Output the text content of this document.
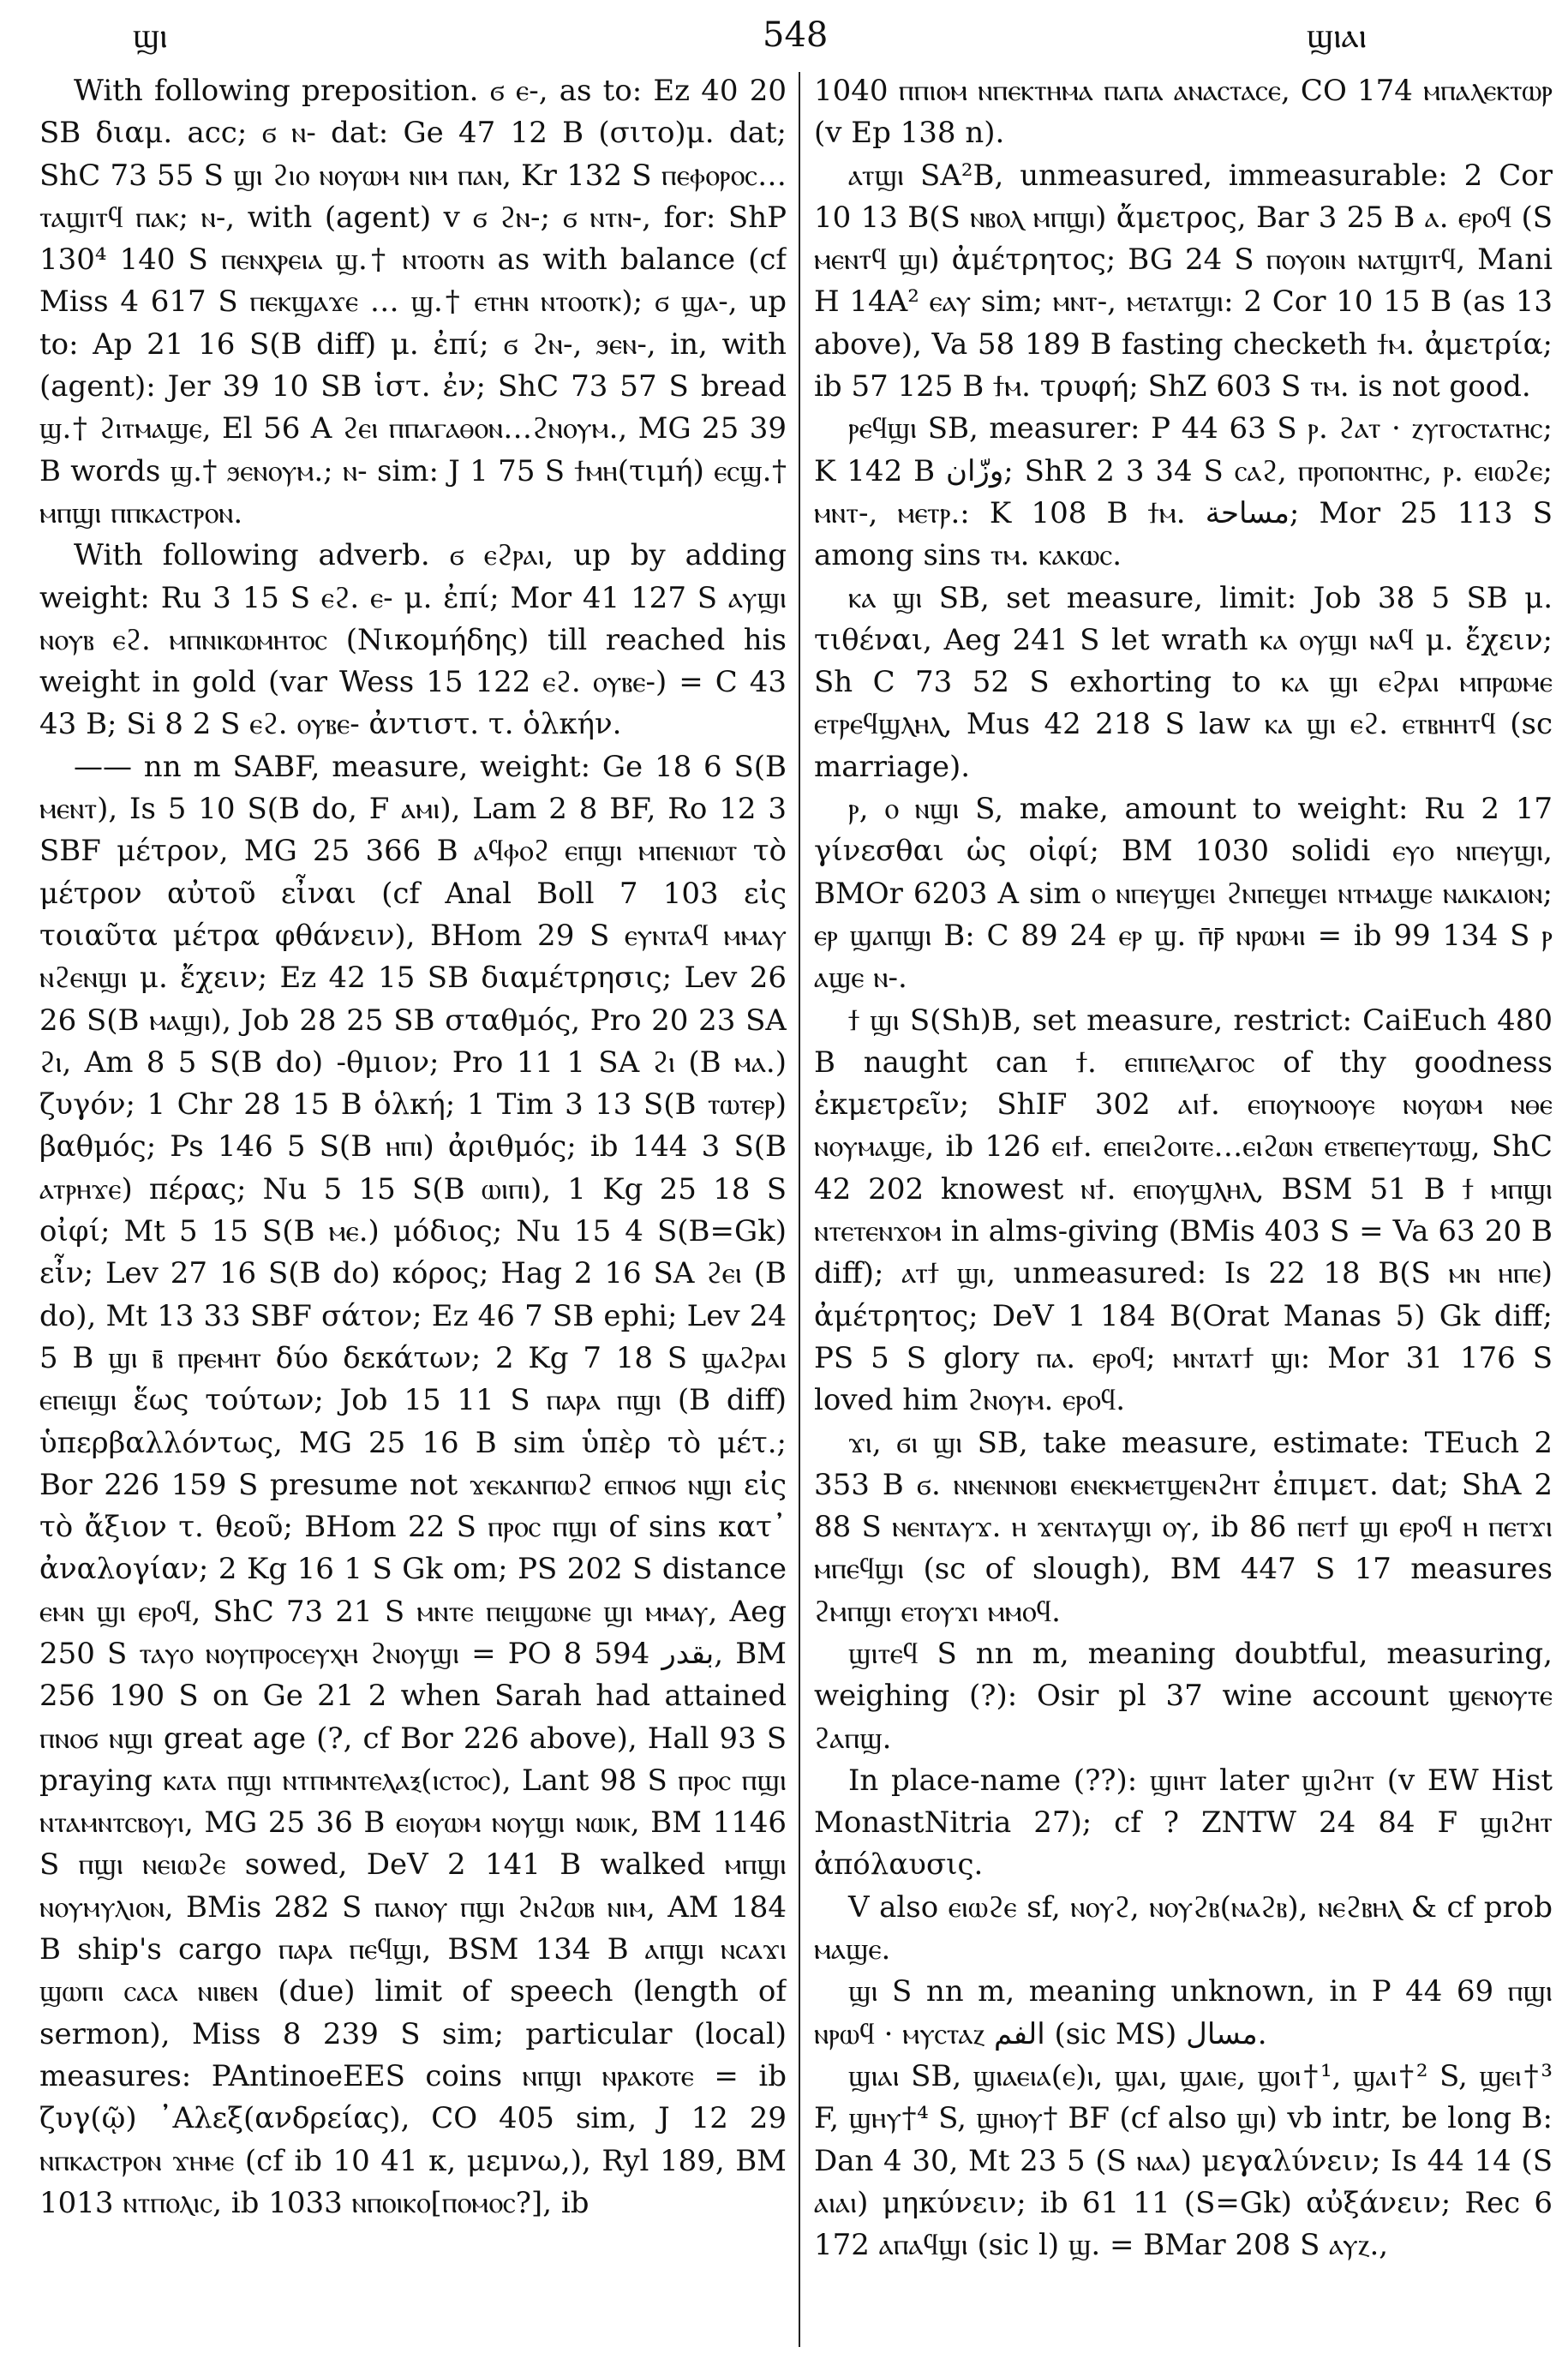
ϣⲓ	548	ϣⲓⲁⲓ

With following preposition. ϭ ⲉ-, as to: Ez 40 20 SB διαμ. acc; ϭ ⲛ- dat: Ge 47 12 B (σιτο)μ. dat; ShC 73 55 S ϣⲓ ϩⲓⲟ ⲛⲟⲩⲱⲙ ⲛⲓⲙ ⲡⲁⲛ, Kr 132 S ⲡⲉⲫⲟⲣⲟⲥ…ⲧⲁϣⲓⲧϥ ⲡⲁⲕ; ⲛ-, with (agent) v ϭ ϩⲛ-; ϭ ⲛⲧⲛ-, for: ShP 130⁴ 140 S ⲡⲉⲛⲭⲣⲉⲓⲁ ϣ.† ⲛⲧⲟⲟⲧⲛ as with balance (cf Miss 4 617 S ⲡⲉⲕϣⲁϫⲉ … ϣ.† ⲉⲧⲏⲛ ⲛⲧⲟⲟⲧⲕ); ϭ ϣⲁ-, up to: Ap 21 16 S(B diff) μ. ἐπί; ϭ ϩⲛ-, ϧⲉⲛ-, in, with (agent): Jer 39 10 SB ἱστ. ἐν; ShC 73 57 S bread ϣ.† ϩⲓⲧⲙⲁϣⲉ, El 56 A ϩⲉⲓ ⲡⲡⲁⲅⲁⲑⲟⲛ…ϩⲛⲟⲩⲙ., MG 25 39 B words ϣ.† ϧⲉⲛⲟⲩⲙ.; ⲛ- sim: J 1 75 S ϯⲙⲏ(τιμή) ⲉⲥϣ.† ⲙⲡϣⲓ ⲡⲡⲕⲁⲥⲧⲣⲟⲛ.

With following adverb. ϭ ⲉϩⲣⲁⲓ, up by adding weight: Ru 3 15 S ⲉϩ. ⲉ- μ. ἐπί; Mor 41 127 S ⲁⲩϣⲓ ⲛⲟⲩⲃ ⲉϩ. ⲙⲡⲛⲓⲕⲱⲙⲏⲧⲟⲥ (Νικομήδης) till reached his weight in gold (var Wess 15 122 ⲉϩ. ⲟⲩⲃⲉ-) = C 43 43 B; Si 8 2 S ⲉϩ. ⲟⲩⲃⲉ- ἀντιστ. τ. ὁλκήν.

—— nn m SABF, measure, weight: Ge 18 6 S(B ⲙⲉⲛⲧ), Is 5 10 S(B do, F ⲁⲙⲓ), Lam 2 8 BF, Ro 12 3 SBF μέτρον, MG 25 366 B ⲁϥⲫⲟϩ ⲉⲡϣⲓ ⲙⲡⲉⲛⲓⲱⲧ τὸ μέτρον αὐτοῦ εἶναι (cf Anal Boll 7 103 εἰς τοιαῦτα μέτρα φθάνειν), BHom 29 S ⲉⲩⲛⲧⲁϥ ⲙⲙⲁⲩ ⲛϩⲉⲛϣⲓ μ. ἔχειν; Ez 42 15 SB διαμέτρησις; Lev 26 26 S(B ⲙⲁϣⲓ), Job 28 25 SB σταθμός, Pro 20 23 SA ϩⲓ, Am 8 5 S(B do) -θμιον; Pro 11 1 SA ϩⲓ (B ⲙⲁ.) ζυγόν; 1 Chr 28 15 B ὁλκή; 1 Tim 3 13 S(B ⲧⲱⲧⲉⲣ) βαθμός; Ps 146 5 S(B ⲏⲡⲓ) ἀριθμός; ib 144 3 S(B ⲁⲧⲣⲏϫⲉ) πέρας; Nu 5 15 S(B ⲱⲓⲡⲓ), 1 Kg 25 18 S οἰφί; Mt 5 15 S(B ⲙⲉ.) μόδιος; Nu 15 4 S(B=Gk) εἶν; Lev 27 16 S(B do) κόρος; Hag 2 16 SA ϩⲉⲓ (B do), Mt 13 33 SBF σάτον; Ez 46 7 SB ephi; Lev 24 5 B ϣⲓ ⲃ̄ ⲡⲣⲉⲙⲏⲧ δύο δεκάτων; 2 Kg 7 18 S ϣⲁϩⲣⲁⲓ ⲉⲡⲉⲓϣⲓ ἕως τούτων; Job 15 11 S ⲡⲁⲣⲁ ⲡϣⲓ (B diff) ὑπερβαλλόντως, MG 25 16 B sim ὑπὲρ τὸ μέτ.; Bor 226 159 S presume not ϫⲉⲕⲁⲛⲡⲱϩ ⲉⲡⲛⲟϭ ⲛϣⲓ εἰς τὸ ἄξιον τ. θεοῦ; BHom 22 S ⲡⲣⲟⲥ ⲡϣⲓ of sins κατ᾽ ἀναλογίαν; 2 Kg 16 1 S Gk om; PS 202 S distance ⲉⲙⲛ ϣⲓ ⲉⲣⲟϥ, ShC 73 21 S ⲙⲛⲧⲉ ⲡⲉⲓϣⲱⲛⲉ ϣⲓ ⲙⲙⲁⲩ, Aeg 250 S ⲧⲁⲩⲟ ⲛⲟⲩⲡⲣⲟⲥⲉⲩⲭⲏ ϩⲛⲟⲩϣⲓ = PO 8 594 بقدر, BM 256 190 S on Ge 21 2 when Sarah had attained ⲡⲛⲟϭ ⲛϣⲓ great age (?, cf Bor 226 above), Hall 93 S praying ⲕⲁⲧⲁ ⲡϣⲓ ⲛⲧⲡⲙⲛⲧⲉⲗⲁⲝ(ⲓⲥⲧⲟⲥ), Lant 98 S ⲡⲣⲟⲥ ⲡϣⲓ ⲛⲧⲁⲙⲛⲧⲥⲃⲟⲩⲓ, MG 25 36 B ⲉⲓⲟⲩⲱⲙ ⲛⲟⲩϣⲓ ⲛⲱⲓⲕ, BM 1146 S ⲡϣⲓ ⲛⲉⲓⲱϩⲉ sowed, DeV 2 141 B walked ⲙⲡϣⲓ ⲛⲟⲩⲙⲩⲗⲓⲟⲛ, BMis 282 S ⲡⲁⲛⲟⲩ ⲡϣⲓ ϩⲛϩⲱⲃ ⲛⲓⲙ, AM 184 B ship's cargo ⲡⲁⲣⲁ ⲡⲉϥϣⲓ, BSM 134 B ⲁⲡϣⲓ ⲛⲥⲁϫⲓ ϣⲱⲡⲓ ⲥⲁⲥⲁ ⲛⲓⲃⲉⲛ (due) limit of speech (length of sermon), Miss 8 239 S sim; particular (local) measures: PAntinoeEES coins ⲛⲡϣⲓ ⲛⲣⲁⲕⲟⲧⲉ = ib ζυγ(ῷ) ᾿Αλεξ(ανδρείας), CO 405 sim, J 12 29 ⲛⲡⲕⲁⲥⲧⲣⲟⲛ ϫⲏⲙⲉ (cf ib 10 41 κ, μεμνω,), Ryl 189, BM 1013 ⲛⲧⲡⲟⲗⲓⲥ, ib 1033 ⲛⲡⲟⲓⲕⲟ[ⲡⲟⲙⲟⲥ?], ib

1040 ⲡⲡⲓⲟⲙ ⲛⲡⲉⲕⲧⲏⲙⲁ ⲡⲁⲡⲁ ⲁⲛⲁⲥⲧⲁⲥⲉ, CO 174 ⲙⲡⲁⲗⲉⲕⲧⲱⲣ (v Ep 138 n).

ⲁⲧϣⲓ SA²B, unmeasured, immeasurable: 2 Cor 10 13 B(S ⲛⲃⲟⲗ ⲙⲡϣⲓ) ἄμετρος, Bar 3 25 B ⲁ. ⲉⲣⲟϥ (S ⲙⲉⲛⲧϥ ϣⲓ) ἀμέτρητος; BG 24 S ⲡⲟⲩⲟⲓⲛ ⲛⲁⲧϣⲓⲧϥ, Mani H 14A² ⲉⲁⲩ sim; ⲙⲛⲧ-, ⲙⲉⲧⲁⲧϣⲓ: 2 Cor 10 15 B (as 13 above), Va 58 189 B fasting checketh ϯⲙ. ἀμετρία; ib 57 125 B ϯⲙ. τρυφή; ShZ 603 S ⲧⲙ. is not good.

ⲣⲉϥϣⲓ SB, measurer: P 44 63 S ⲣ. ϩⲁⲧ · ⲍⲩⲅⲟⲥⲧⲁⲧⲏⲥ; K 142 B وزّان; ShR 2 3 34 S ⲥⲁϩ, ⲡⲣⲟⲡⲟⲛⲧⲏⲥ, ⲣ. ⲉⲓⲱϩⲉ; ⲙⲛⲧ-, ⲙⲉⲧⲣ.: K 108 B ϯⲙ. مساحة; Mor 25 113 S among sins ⲧⲙ. ⲕⲁⲕⲱⲥ.

ⲕⲁ ϣⲓ SB, set measure, limit: Job 38 5 SB μ. τιθέναι, Aeg 241 S let wrath ⲕⲁ ⲟⲩϣⲓ ⲛⲁϥ μ. ἔχειν; Sh C 73 52 S exhorting to ⲕⲁ ϣⲓ ⲉϩⲣⲁⲓ ⲙⲡⲣⲱⲙⲉ ⲉⲧⲣⲉϥϣⲗⲏⲗ, Mus 42 218 S law ⲕⲁ ϣⲓ ⲉϩ. ⲉⲧⲃⲏⲏⲧϥ (sc marriage).

ⲣ, ⲟ ⲛϣⲓ S, make, amount to weight: Ru 2 17 γίνεσθαι ὡς οἰφί; BM 1030 solidi ⲉⲩⲟ ⲛⲡⲉⲩϣⲓ, BMOr 6203 A sim ⲟ ⲛⲡⲉⲩϣⲉⲓ ϩⲛⲡⲉϣⲉⲓ ⲛⲧⲙⲁϣⲉ ⲛⲁⲓⲕⲁⲓⲟⲛ; ⲉⲣ ϣⲁⲡϣⲓ B: C 89 24 ⲉⲣ ϣ. ⲡ̄ⲣ̄ ⲛⲣⲱⲙⲓ = ib 99 134 S ⲣ ⲁϣⲉ ⲛ-.

ϯ ϣⲓ S(Sh)B, set measure, restrict: CaiEuch 480 B naught can ϯ. ⲉⲡⲓⲡⲉⲗⲁⲅⲟⲥ of thy goodness ἐκμετρεῖν; ShIF 302 ⲁⲓϯ. ⲉⲡⲟⲩⲛⲟⲟⲩⲉ ⲛⲟⲩⲱⲙ ⲛⲑⲉ ⲛⲟⲩⲙⲁϣⲉ, ib 126 ⲉⲓϯ. ⲉⲡⲉⲓϩⲟⲓⲧⲉ…ⲉⲓϩⲱⲛ ⲉⲧⲃⲉⲡⲉⲩⲧⲱϣ, ShC 42 202 knowest ⲛϯ. ⲉⲡⲟⲩϣⲗⲏⲗ, BSM 51 B ϯ ⲙⲡϣⲓ ⲛⲧⲉⲧⲉⲛϫⲟⲙ in alms-giving (BMis 403 S = Va 63 20 B diff); ⲁⲧϯ ϣⲓ, unmeasured: Is 22 18 B(S ⲙⲛ ⲏⲡⲉ) ἀμέτρητος; DeV 1 184 B(Orat Manas 5) Gk diff; PS 5 S glory ⲡⲁ. ⲉⲣⲟϥ; ⲙⲛⲧⲁⲧϯ ϣⲓ: Mor 31 176 S loved him ϩⲛⲟⲩⲙ. ⲉⲣⲟϥ.

ϫⲓ, ϭⲓ ϣⲓ SB, take measure, estimate: TEuch 2 353 B ϭ. ⲛⲛⲉⲛⲛⲟⲃⲓ ⲉⲛⲉⲕⲙⲉⲧϣⲉⲛϩⲏⲧ ἐπιμετ. dat; ShA 2 88 S ⲛⲉⲛⲧⲁⲩϫ. ⲏ ϫⲉⲛⲧⲁⲩϣⲓ ⲟⲩ, ib 86 ⲡⲉⲧϯ ϣⲓ ⲉⲣⲟϥ ⲏ ⲡⲉⲧϫⲓ ⲙⲡⲉϥϣⲓ (sc of slough), BM 447 S 17 measures ϩⲙⲡϣⲓ ⲉⲧⲟⲩϫⲓ ⲙⲙⲟϥ.

ϣⲓⲧⲉϥ S nn m, meaning doubtful, measuring, weighing (?): Osir pl 37 wine account ϣⲉⲛⲟⲩⲧⲉ ϩⲁⲡϣ.

In place-name (??): ϣⲓⲏⲧ later ϣⲓϩⲏⲧ (v EW Hist MonastNitria 27); cf ? ZNTW 24 84 F ϣⲓϩⲏⲧ ἀπόλαυσις.

V also ⲉⲓⲱϩⲉ sf, ⲛⲟⲩϩ, ⲛⲟⲩϩⲃ(ⲛⲁϩⲃ), ⲛⲉϩⲃⲏⲗ & cf prob ⲙⲁϣⲉ.

ϣⲓ S nn m, meaning unknown, in P 44 69 ⲡϣⲓ ⲛⲣⲱϥ · ⲙⲩⲥⲧⲁⲍ الفم (sic MS) مسال.

ϣⲓⲁⲓ SB, ϣⲓⲁⲉⲓⲁ(ⲉ)ⲓ, ϣⲁⲓ, ϣⲁⲓⲉ, ϣⲟⲓ†¹, ϣⲁⲓ†² S, ϣⲉⲓ†³ F, ϣⲏⲩ†⁴ S, ϣⲏⲟⲩ† BF (cf also ϣⲓ) vb intr, be long B: Dan 4 30, Mt 23 5 (S ⲛⲁⲁ) μεγαλύνειν; Is 44 14 (S ⲁⲓⲁⲓ) μηκύνειν; ib 61 11 (S=Gk) αὐξάνειν; Rec 6 172 ⲁⲡⲁϥϣⲓ (sic l) ϣ. = BMar 208 S ⲁⲩⲍ.,
